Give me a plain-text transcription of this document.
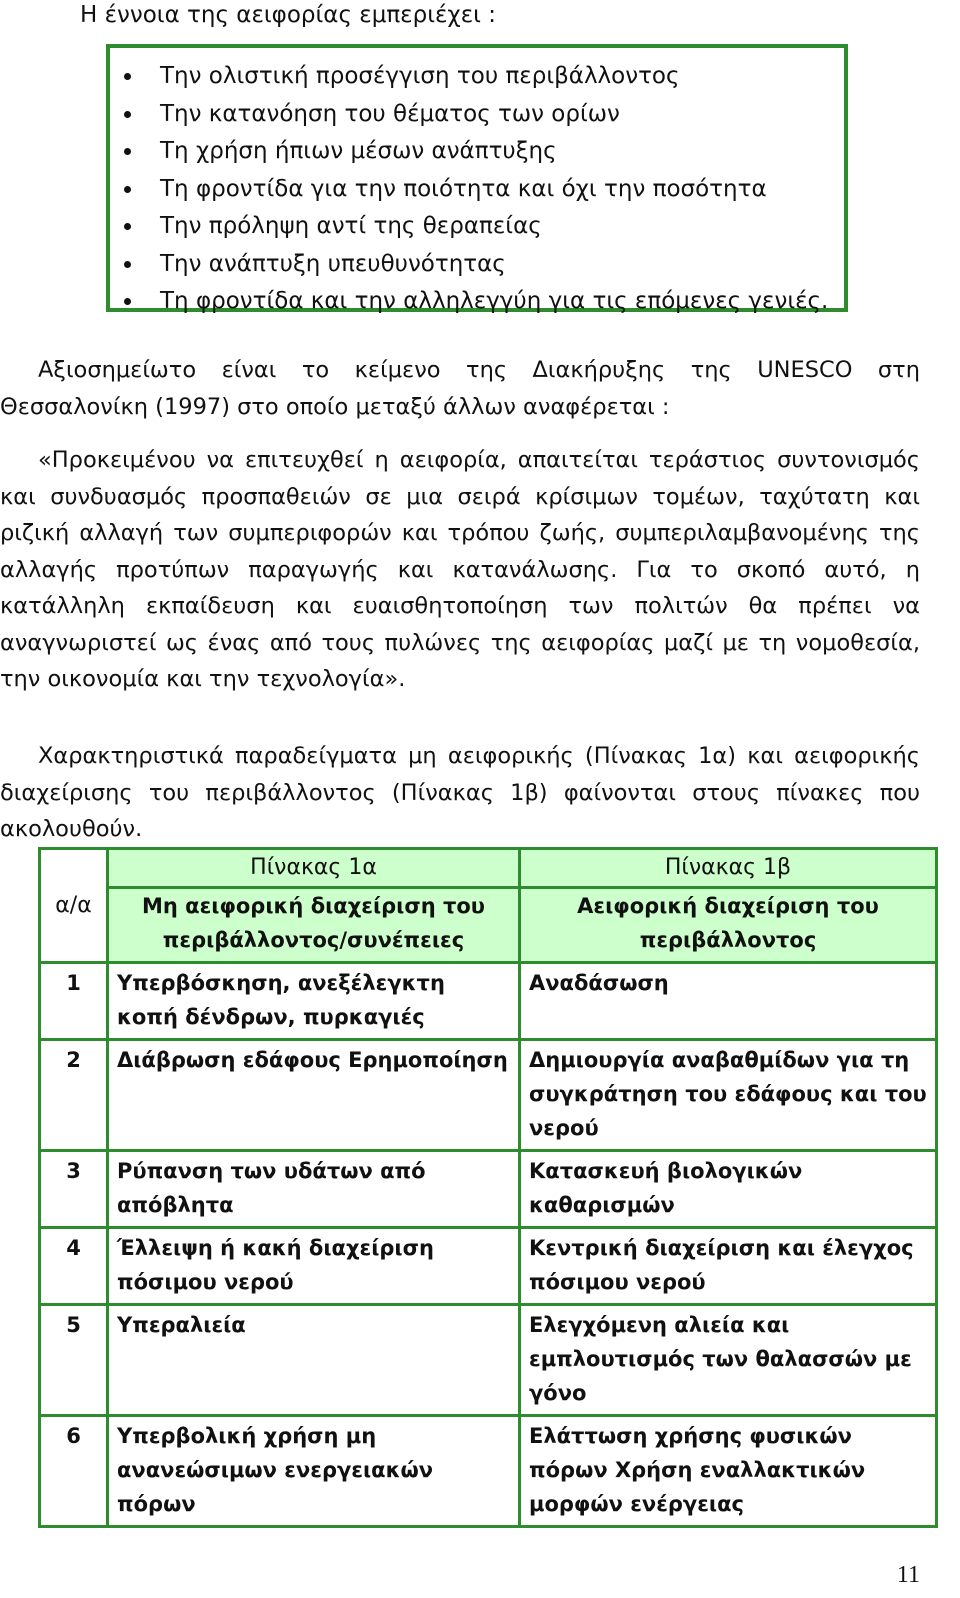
Η έννοια της αειφορίας εμπεριέχει :
Την ολιστική προσέγγιση του περιβάλλοντος
Την κατανόηση του θέματος των ορίων
Τη χρήση ήπιων μέσων ανάπτυξης
Τη φροντίδα για την ποιότητα και όχι την ποσότητα
Την πρόληψη αντί της θεραπείας
Την ανάπτυξη υπευθυνότητας
Τη φροντίδα και την αλληλεγγύη για τις επόμενες γενιές.

Αξιοσημείωτο είναι το κείμενο της Διακήρυξης της UNESCO στη Θεσσαλονίκη (1997) στο οποίο μεταξύ άλλων αναφέρεται :

«Προκειμένου να επιτευχθεί η αειφορία, απαιτείται τεράστιος συντονισμός και συνδυασμός προσπαθειών σε μια σειρά κρίσιμων τομέων, ταχύτατη και ριζική αλλαγή των συμπεριφορών και τρόπου ζωής, συμπεριλαμβανομένης της αλλαγής προτύπων παραγωγής και κατανάλωσης. Για το σκοπό αυτό, η κατάλληλη εκπαίδευση και ευαισθητοποίηση των πολιτών θα πρέπει να αναγνωριστεί ως ένας από τους πυλώνες της αειφορίας μαζί με τη νομοθεσία, την οικονομία και την τεχνολογία».

Χαρακτηριστικά παραδείγματα μη αειφορικής (Πίνακας 1α) και αειφορικής διαχείρισης του περιβάλλοντος (Πίνακας 1β) φαίνονται στους πίνακες που ακολουθούν.

α/α	Πίνακας 1α	Πίνακας 1β
	Μη αειφορική διαχείριση του περιβάλλοντος/συνέπειες	Αειφορική διαχείριση του περιβάλλοντος
1	Υπερβόσκηση, ανεξέλεγκτη κοπή δένδρων, πυρκαγιές	Αναδάσωση
2	Διάβρωση εδάφους Ερημοποίηση	Δημιουργία αναβαθμίδων για τη συγκράτηση του εδάφους και του νερού
3	Ρύπανση των υδάτων από απόβλητα	Κατασκευή βιολογικών καθαρισμών
4	Έλλειψη ή κακή διαχείριση πόσιμου νερού	Κεντρική διαχείριση και έλεγχος πόσιμου νερού
5	Υπεραλιεία	Ελεγχόμενη αλιεία και εμπλουτισμός των θαλασσών με γόνο
6	Υπερβολική χρήση μη ανανεώσιμων ενεργειακών πόρων	Ελάττωση χρήσης φυσικών πόρων Χρήση εναλλακτικών μορφών ενέργειας

11
